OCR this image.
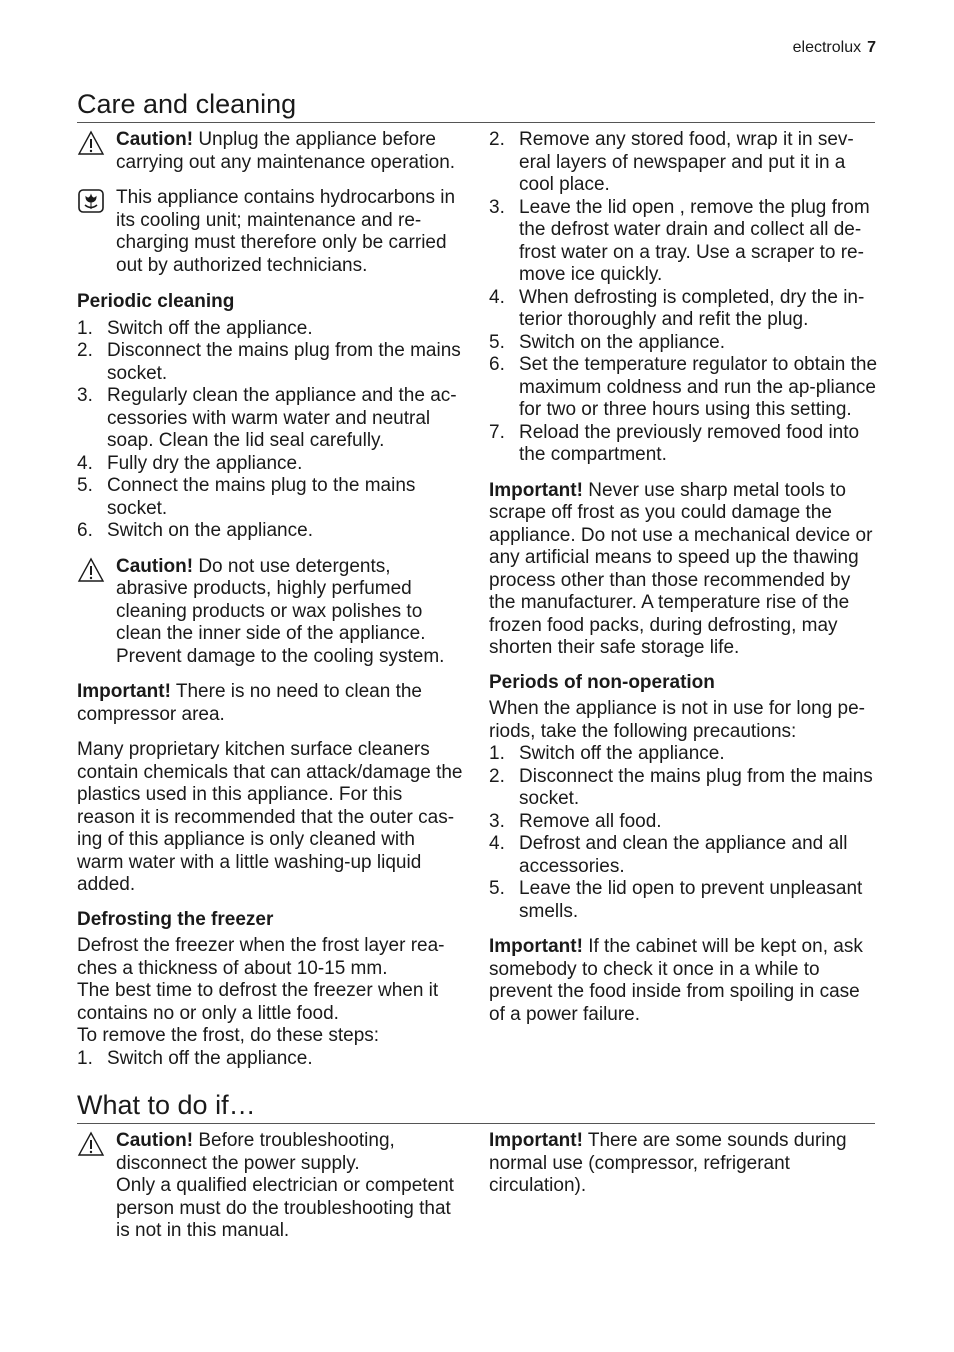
electrolux 7
Care and cleaning
Caution! Unplug the appliance before carrying out any maintenance operation.
This appliance contains hydrocarbons in its cooling unit; maintenance and re-charging must therefore only be carried out by authorized technicians.

Periodic cleaning

1. Switch off the appliance.
2. Disconnect the mains plug from the mains socket.
3. Regularly clean the appliance and the ac-cessories with warm water and neutral soap. Clean the lid seal carefully.
4. Fully dry the appliance.
5. Connect the mains plug to the mains socket.
6. Switch on the appliance.
Caution! Do not use detergents, abrasive products, highly perfumed cleaning products or wax polishes to clean the inner side of the appliance. Prevent damage to the cooling system.

Important! There is no need to clean the compressor area.

Many proprietary kitchen surface cleaners contain chemicals that can attack/damage the plastics used in this appliance. For this reason it is recommended that the outer cas-ing of this appliance is only cleaned with warm water with a little washing-up liquid added.

Defrosting the freezer

Defrost the freezer when the frost layer rea-ches a thickness of about 10-15 mm.

The best time to defrost the freezer when it contains no or only a little food.

To remove the frost, do these steps:

1. Switch off the appliance.
2. Remove any stored food, wrap it in sev-eral layers of newspaper and put it in a cool place.
3. Leave the lid open , remove the plug from the defrost water drain and collect all de-frost water on a tray. Use a scraper to re-move ice quickly.
4. When defrosting is completed, dry the in-terior thoroughly and refit the plug.
5. Switch on the appliance.
6. Set the temperature regulator to obtain the maximum coldness and run the ap-pliance for two or three hours using this setting.
7. Reload the previously removed food into the compartment.

Important! Never use sharp metal tools to scrape off frost as you could damage the appliance. Do not use a mechanical device or any artificial means to speed up the thawing process other than those recommended by the manufacturer. A temperature rise of the frozen food packs, during defrosting, may shorten their safe storage life.

Periods of non-operation

When the appliance is not in use for long pe-riods, take the following precautions:

1. Switch off the appliance.
2. Disconnect the mains plug from the mains socket.
3. Remove all food.
4. Defrost and clean the appliance and all accessories.
5. Leave the lid open to prevent unpleasant smells.

Important! If the cabinet will be kept on, ask somebody to check it once in a while to prevent the food inside from spoiling in case of a power failure.

What to do if…
Caution! Before troubleshooting, disconnect the power supply.
Only a qualified electrician or competent person must do the troubleshooting that is not in this manual.

Important! There are some sounds during normal use (compressor, refrigerant circulation).
